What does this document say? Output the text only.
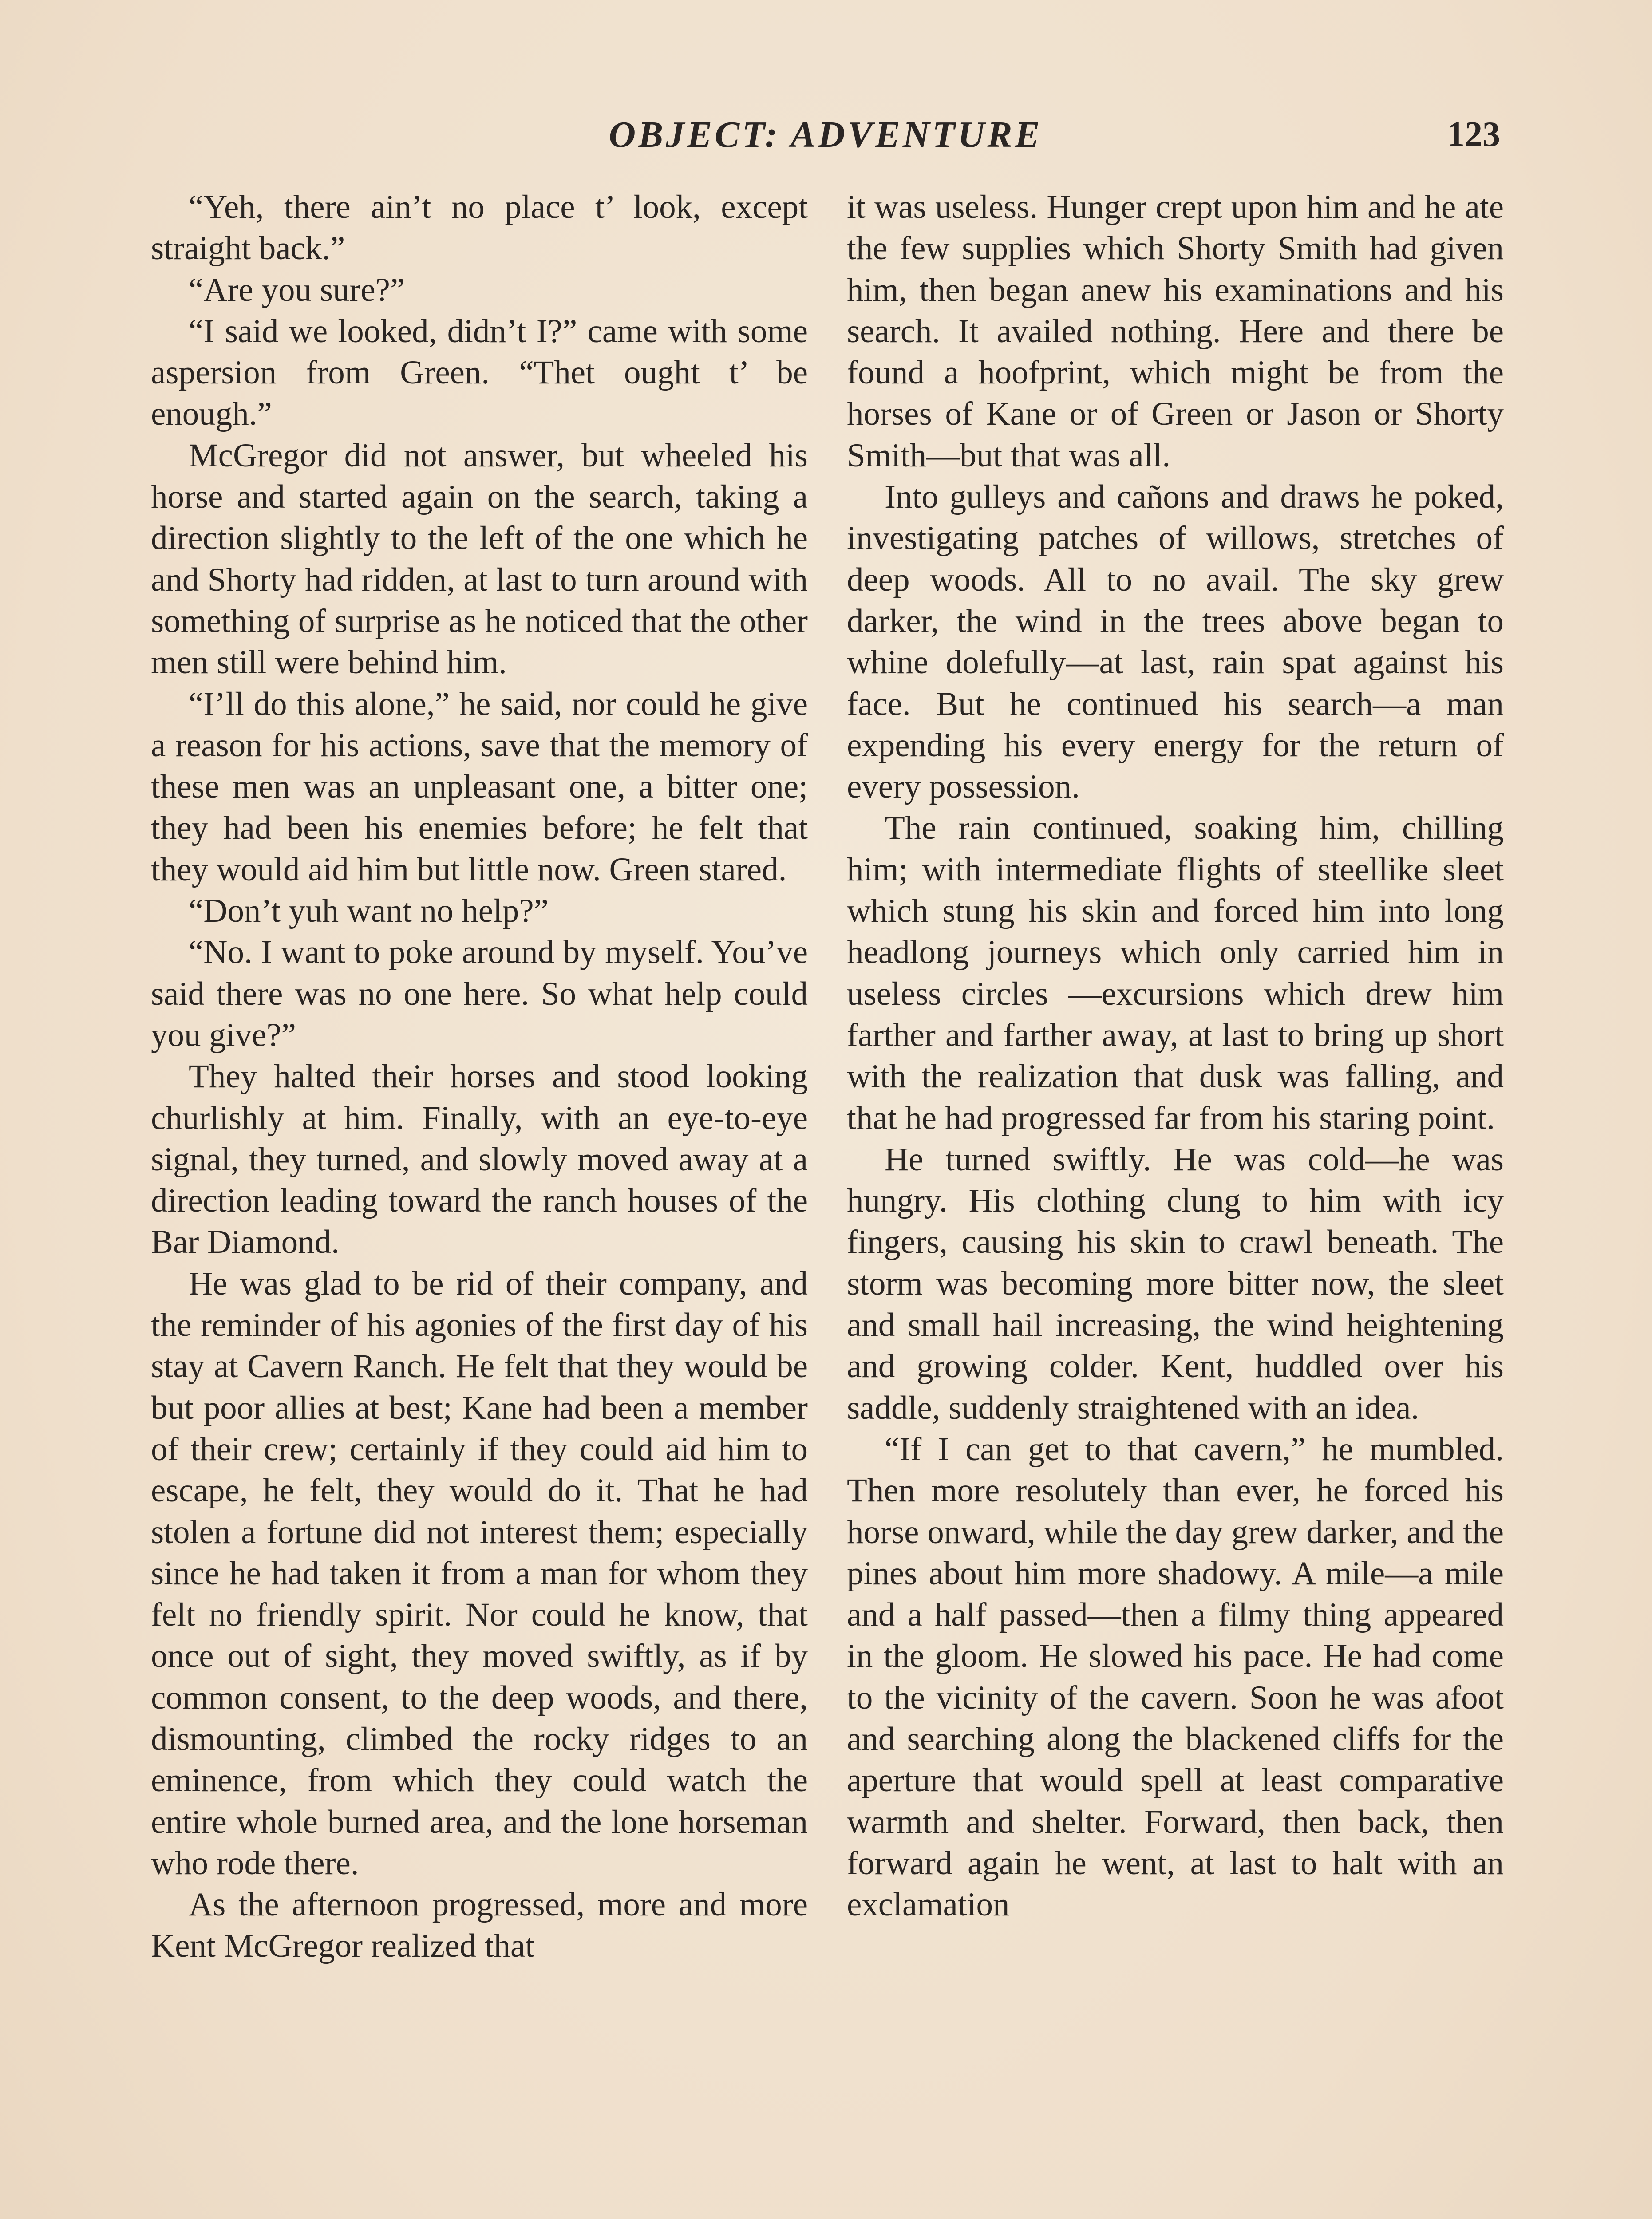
OBJECT: ADVENTURE	123

“Yeh, there ain’t no place t’ look, except straight back.”

“Are you sure?”

“I said we looked, didn’t I?” came with some aspersion from Green. “Thet ought t’ be enough.”

McGregor did not answer, but wheeled his horse and started again on the search, taking a direction slightly to the left of the one which he and Shorty had ridden, at last to turn around with something of surprise as he noticed that the other men still were behind him.

“I’ll do this alone,” he said, nor could he give a reason for his actions, save that the memory of these men was an unpleasant one, a bitter one; they had been his enemies before; he felt that they would aid him but little now. Green stared.

“Don’t yuh want no help?”

“No. I want to poke around by myself. You’ve said there was no one here. So what help could you give?”

They halted their horses and stood looking churlishly at him. Finally, with an eye-to-eye signal, they turned, and slowly moved away at a direction leading toward the ranch houses of the Bar Diamond.

He was glad to be rid of their company, and the reminder of his agonies of the first day of his stay at Cavern Ranch. He felt that they would be but poor allies at best; Kane had been a member of their crew; certainly if they could aid him to escape, he felt, they would do it. That he had stolen a fortune did not interest them; especially since he had taken it from a man for whom they felt no friendly spirit. Nor could he know, that once out of sight, they moved swiftly, as if by common consent, to the deep woods, and there, dismounting, climbed the rocky ridges to an eminence, from which they could watch the entire whole burned area, and the lone horseman who rode there.

As the afternoon progressed, more and more Kent McGregor realized that

it was useless. Hunger crept upon him and he ate the few supplies which Shorty Smith had given him, then began anew his examinations and his search. It availed nothing. Here and there be found a hoofprint, which might be from the horses of Kane or of Green or Jason or Shorty Smith—but that was all.

Into gulleys and cañons and draws he poked, investigating patches of willows, stretches of deep woods. All to no avail. The sky grew darker, the wind in the trees above began to whine dolefully—at last, rain spat against his face. But he continued his search—a man expending his every energy for the return of every possession.

The rain continued, soaking him, chilling him; with intermediate flights of steellike sleet which stung his skin and forced him into long headlong journeys which only carried him in useless circles —excursions which drew him farther and farther away, at last to bring up short with the realization that dusk was falling, and that he had progressed far from his staring point.

He turned swiftly. He was cold—he was hungry. His clothing clung to him with icy fingers, causing his skin to crawl beneath. The storm was becoming more bitter now, the sleet and small hail increasing, the wind heightening and growing colder. Kent, huddled over his saddle, suddenly straightened with an idea.

“If I can get to that cavern,” he mumbled. Then more resolutely than ever, he forced his horse onward, while the day grew darker, and the pines about him more shadowy. A mile—a mile and a half passed—then a filmy thing appeared in the gloom. He slowed his pace. He had come to the vicinity of the cavern. Soon he was afoot and searching along the blackened cliffs for the aperture that would spell at least comparative warmth and shelter. Forward, then back, then forward again he went, at last to halt with an exclamation
